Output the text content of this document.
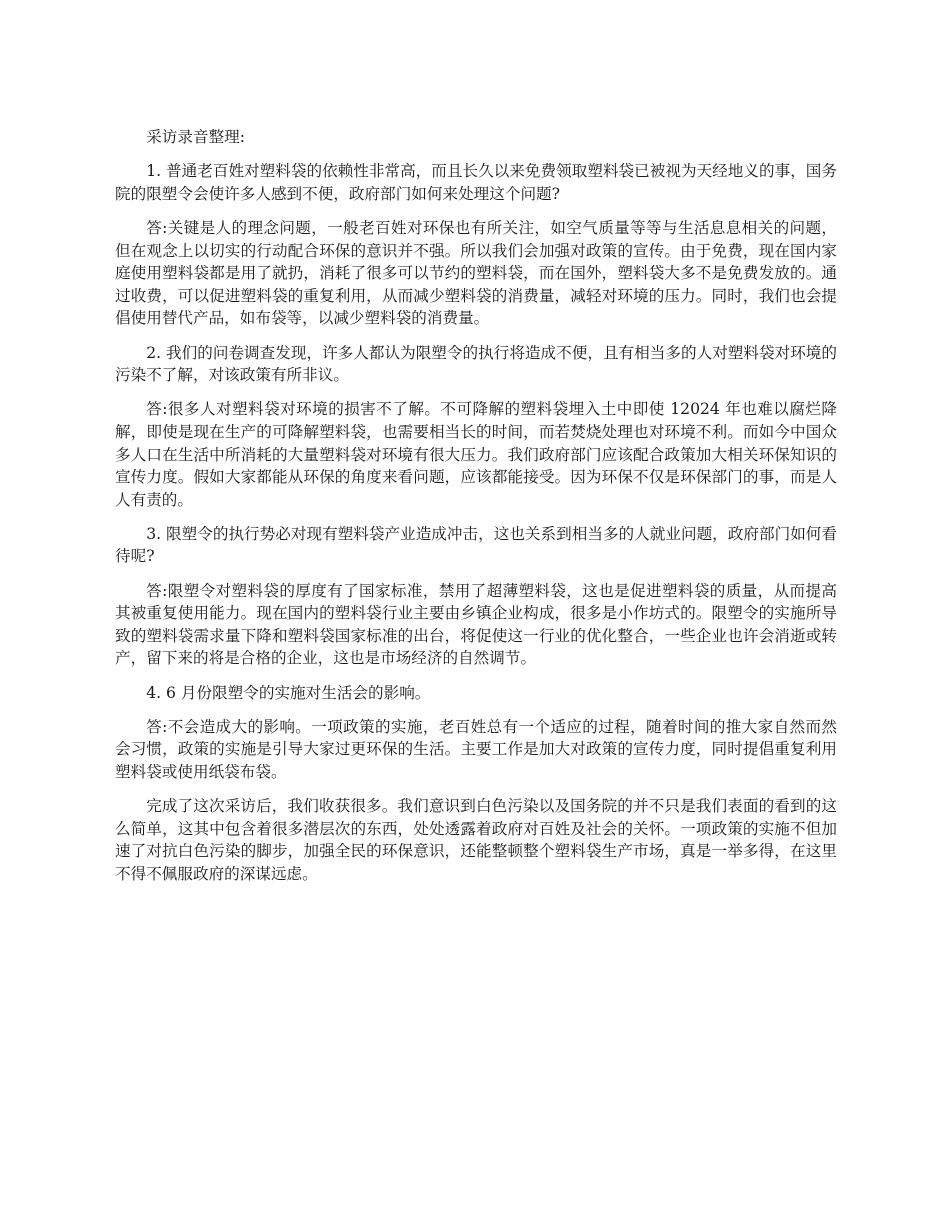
采访录音整理:

1. 普通老百姓对塑料袋的依赖性非常高，而且长久以来免费领取塑料袋已被视为天经地义的事，国务院的限塑令会使许多人感到不便，政府部门如何来处理这个问题?

答:关键是人的理念问题，一般老百姓对环保也有所关注，如空气质量等等与生活息息相关的问题，但在观念上以切实的行动配合环保的意识并不强。所以我们会加强对政策的宣传。由于免费，现在国内家庭使用塑料袋都是用了就扔，消耗了很多可以节约的塑料袋，而在国外，塑料袋大多不是免费发放的。通过收费，可以促进塑料袋的重复利用，从而减少塑料袋的消费量，减轻对环境的压力。同时，我们也会提倡使用替代产品，如布袋等，以减少塑料袋的消费量。

2. 我们的问卷调查发现，许多人都认为限塑令的执行将造成不便，且有相当多的人对塑料袋对环境的污染不了解，对该政策有所非议。

答:很多人对塑料袋对环境的损害不了解。不可降解的塑料袋埋入土中即使 12024 年也难以腐烂降解，即使是现在生产的可降解塑料袋，也需要相当长的时间，而若焚烧处理也对环境不利。而如今中国众多人口在生活中所消耗的大量塑料袋对环境有很大压力。我们政府部门应该配合政策加大相关环保知识的宣传力度。假如大家都能从环保的角度来看问题，应该都能接受。因为环保不仅是环保部门的事，而是人人有责的。

3. 限塑令的执行势必对现有塑料袋产业造成冲击，这也关系到相当多的人就业问题，政府部门如何看待呢?

答:限塑令对塑料袋的厚度有了国家标准，禁用了超薄塑料袋，这也是促进塑料袋的质量，从而提高其被重复使用能力。现在国内的塑料袋行业主要由乡镇企业构成，很多是小作坊式的。限塑令的实施所导致的塑料袋需求量下降和塑料袋国家标准的出台，将促使这一行业的优化整合，一些企业也许会消逝或转产，留下来的将是合格的企业，这也是市场经济的自然调节。

4. 6 月份限塑令的实施对生活会的影响。

答:不会造成大的影响。一项政策的实施，老百姓总有一个适应的过程，随着时间的推大家自然而然会习惯，政策的实施是引导大家过更环保的生活。主要工作是加大对政策的宣传力度，同时提倡重复利用塑料袋或使用纸袋布袋。

完成了这次采访后，我们收获很多。我们意识到白色污染以及国务院的并不只是我们表面的看到的这么简单，这其中包含着很多潜层次的东西，处处透露着政府对百姓及社会的关怀。一项政策的实施不但加速了对抗白色污染的脚步，加强全民的环保意识，还能整顿整个塑料袋生产市场，真是一举多得，在这里不得不佩服政府的深谋远虑。
